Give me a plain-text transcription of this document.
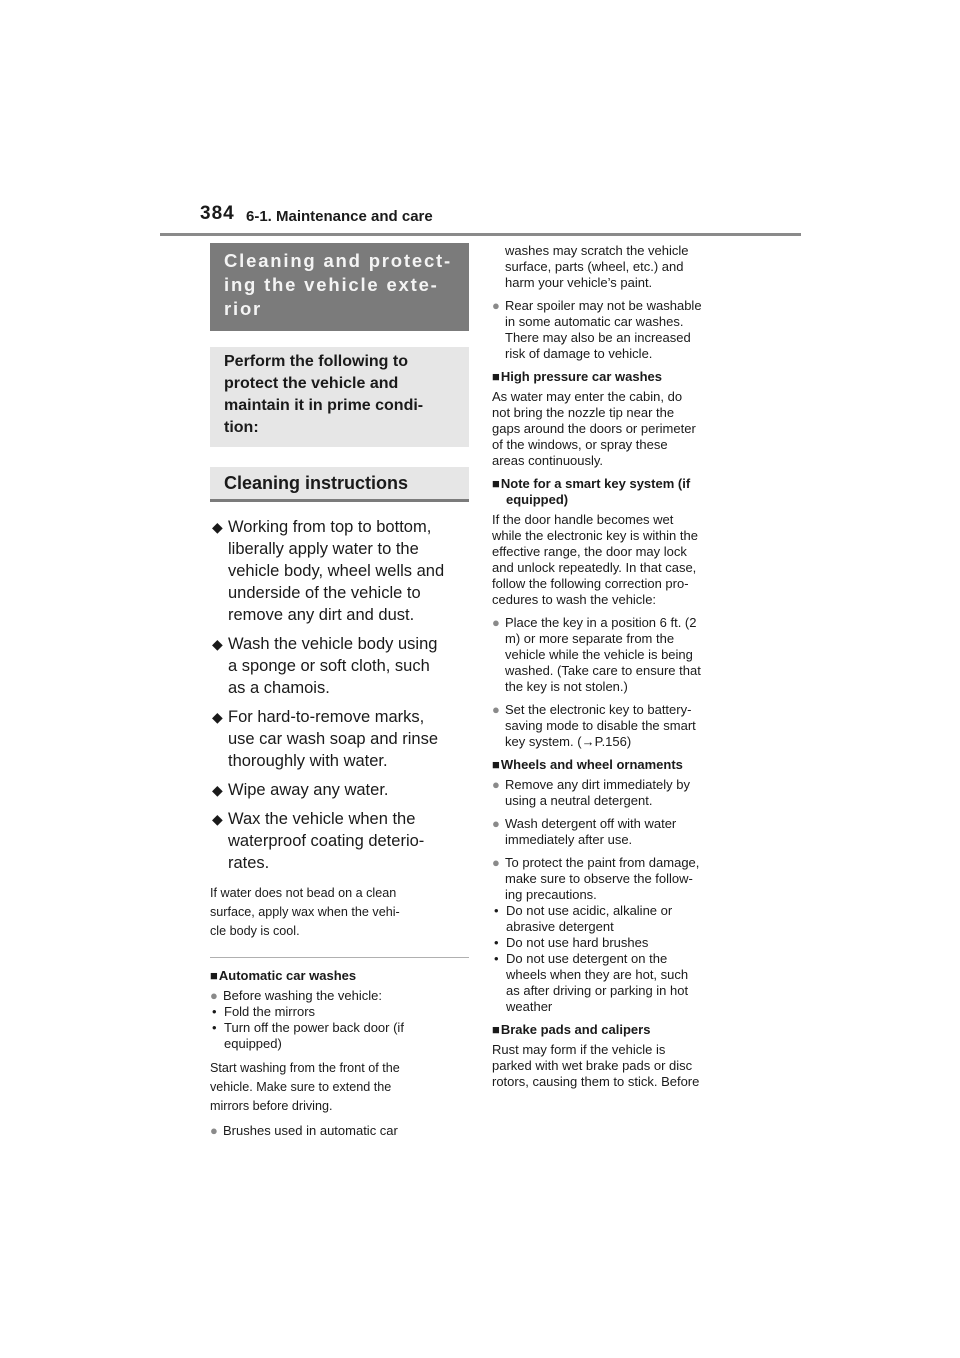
384 6-1. Maintenance and care
Cleaning and protect-
ing the vehicle exte-
rior
Perform the following to
protect the vehicle and
maintain it in prime condi-
tion:
Cleaning instructions
◆ Working from top to bottom,
liberally apply water to the
vehicle body, wheel wells and
underside of the vehicle to
remove any dirt and dust.
◆ Wash the vehicle body using
a sponge or soft cloth, such
as a chamois.
◆ For hard-to-remove marks,
use car wash soap and rinse
thoroughly with water.
◆ Wipe away any water.
◆ Wax the vehicle when the
waterproof coating deterio-
rates.
If water does not bead on a clean
surface, apply wax when the vehi-
cle body is cool.
■Automatic car washes
● Before washing the vehicle:
• Fold the mirrors
• Turn off the power back door (if
equipped)
Start washing from the front of the
vehicle. Make sure to extend the
mirrors before driving.
● Brushes used in automatic car
washes may scratch the vehicle
surface, parts (wheel, etc.) and
harm your vehicle’s paint.
● Rear spoiler may not be washable
in some automatic car washes.
There may also be an increased
risk of damage to vehicle.
■High pressure car washes
As water may enter the cabin, do
not bring the nozzle tip near the
gaps around the doors or perimeter
of the windows, or spray these
areas continuously.
■Note for a smart key system (if
equipped)
If the door handle becomes wet
while the electronic key is within the
effective range, the door may lock
and unlock repeatedly. In that case,
follow the following correction pro-
cedures to wash the vehicle:
● Place the key in a position 6 ft. (2
m) or more separate from the
vehicle while the vehicle is being
washed. (Take care to ensure that
the key is not stolen.)
● Set the electronic key to battery-
saving mode to disable the smart
key system. (→P.156)
■Wheels and wheel ornaments
● Remove any dirt immediately by
using a neutral detergent.
● Wash detergent off with water
immediately after use.
● To protect the paint from damage,
make sure to observe the follow-
ing precautions.
• Do not use acidic, alkaline or
abrasive detergent
• Do not use hard brushes
• Do not use detergent on the
wheels when they are hot, such
as after driving or parking in hot
weather
■Brake pads and calipers
Rust may form if the vehicle is
parked with wet brake pads or disc
rotors, causing them to stick. Before
